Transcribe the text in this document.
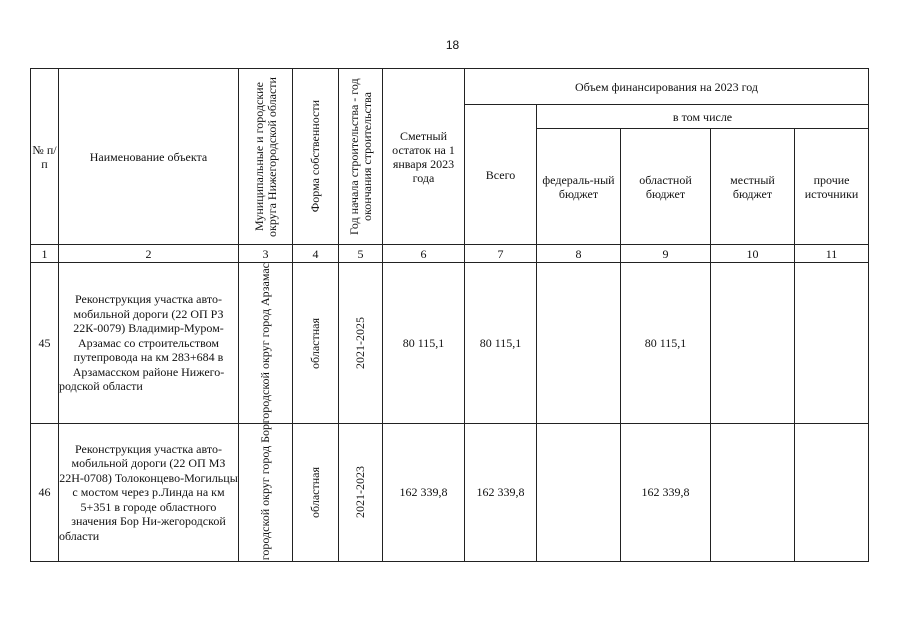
18
№ п/п	Наименование объекта	Муниципальные и городские округа Нижегородской области	Форма собственности	Год начала строительства - год окончания строительства	Сметный остаток на 1 января 2023 года	Объем финансирования на 2023 год				
						Всего	в том числе			
							федераль-ный бюджет	областной бюджет	местный бюджет	прочие источники
1	2	3	4	5	6	7	8	9	10	11
45	Реконструкция участка авто-мобильной дороги (22 ОП РЗ 22К-0079) Владимир-Муром-Арзамас со строительством путепровода на км 283+684 в Арзамасском районе Нижего-родской области	городской округ город Арзамас	областная	2021-2025	80 115,1	80 115,1		80 115,1		
46	Реконструкция участка авто-мобильной дороги (22 ОП МЗ 22Н-0708) Толоконцево-Могильцы с мостом через р.Линда на км 5+351 в городе областного значения Бор Ни-жегородской области	городской округ город Бор	областная	2021-2023	162 339,8	162 339,8		162 339,8		
